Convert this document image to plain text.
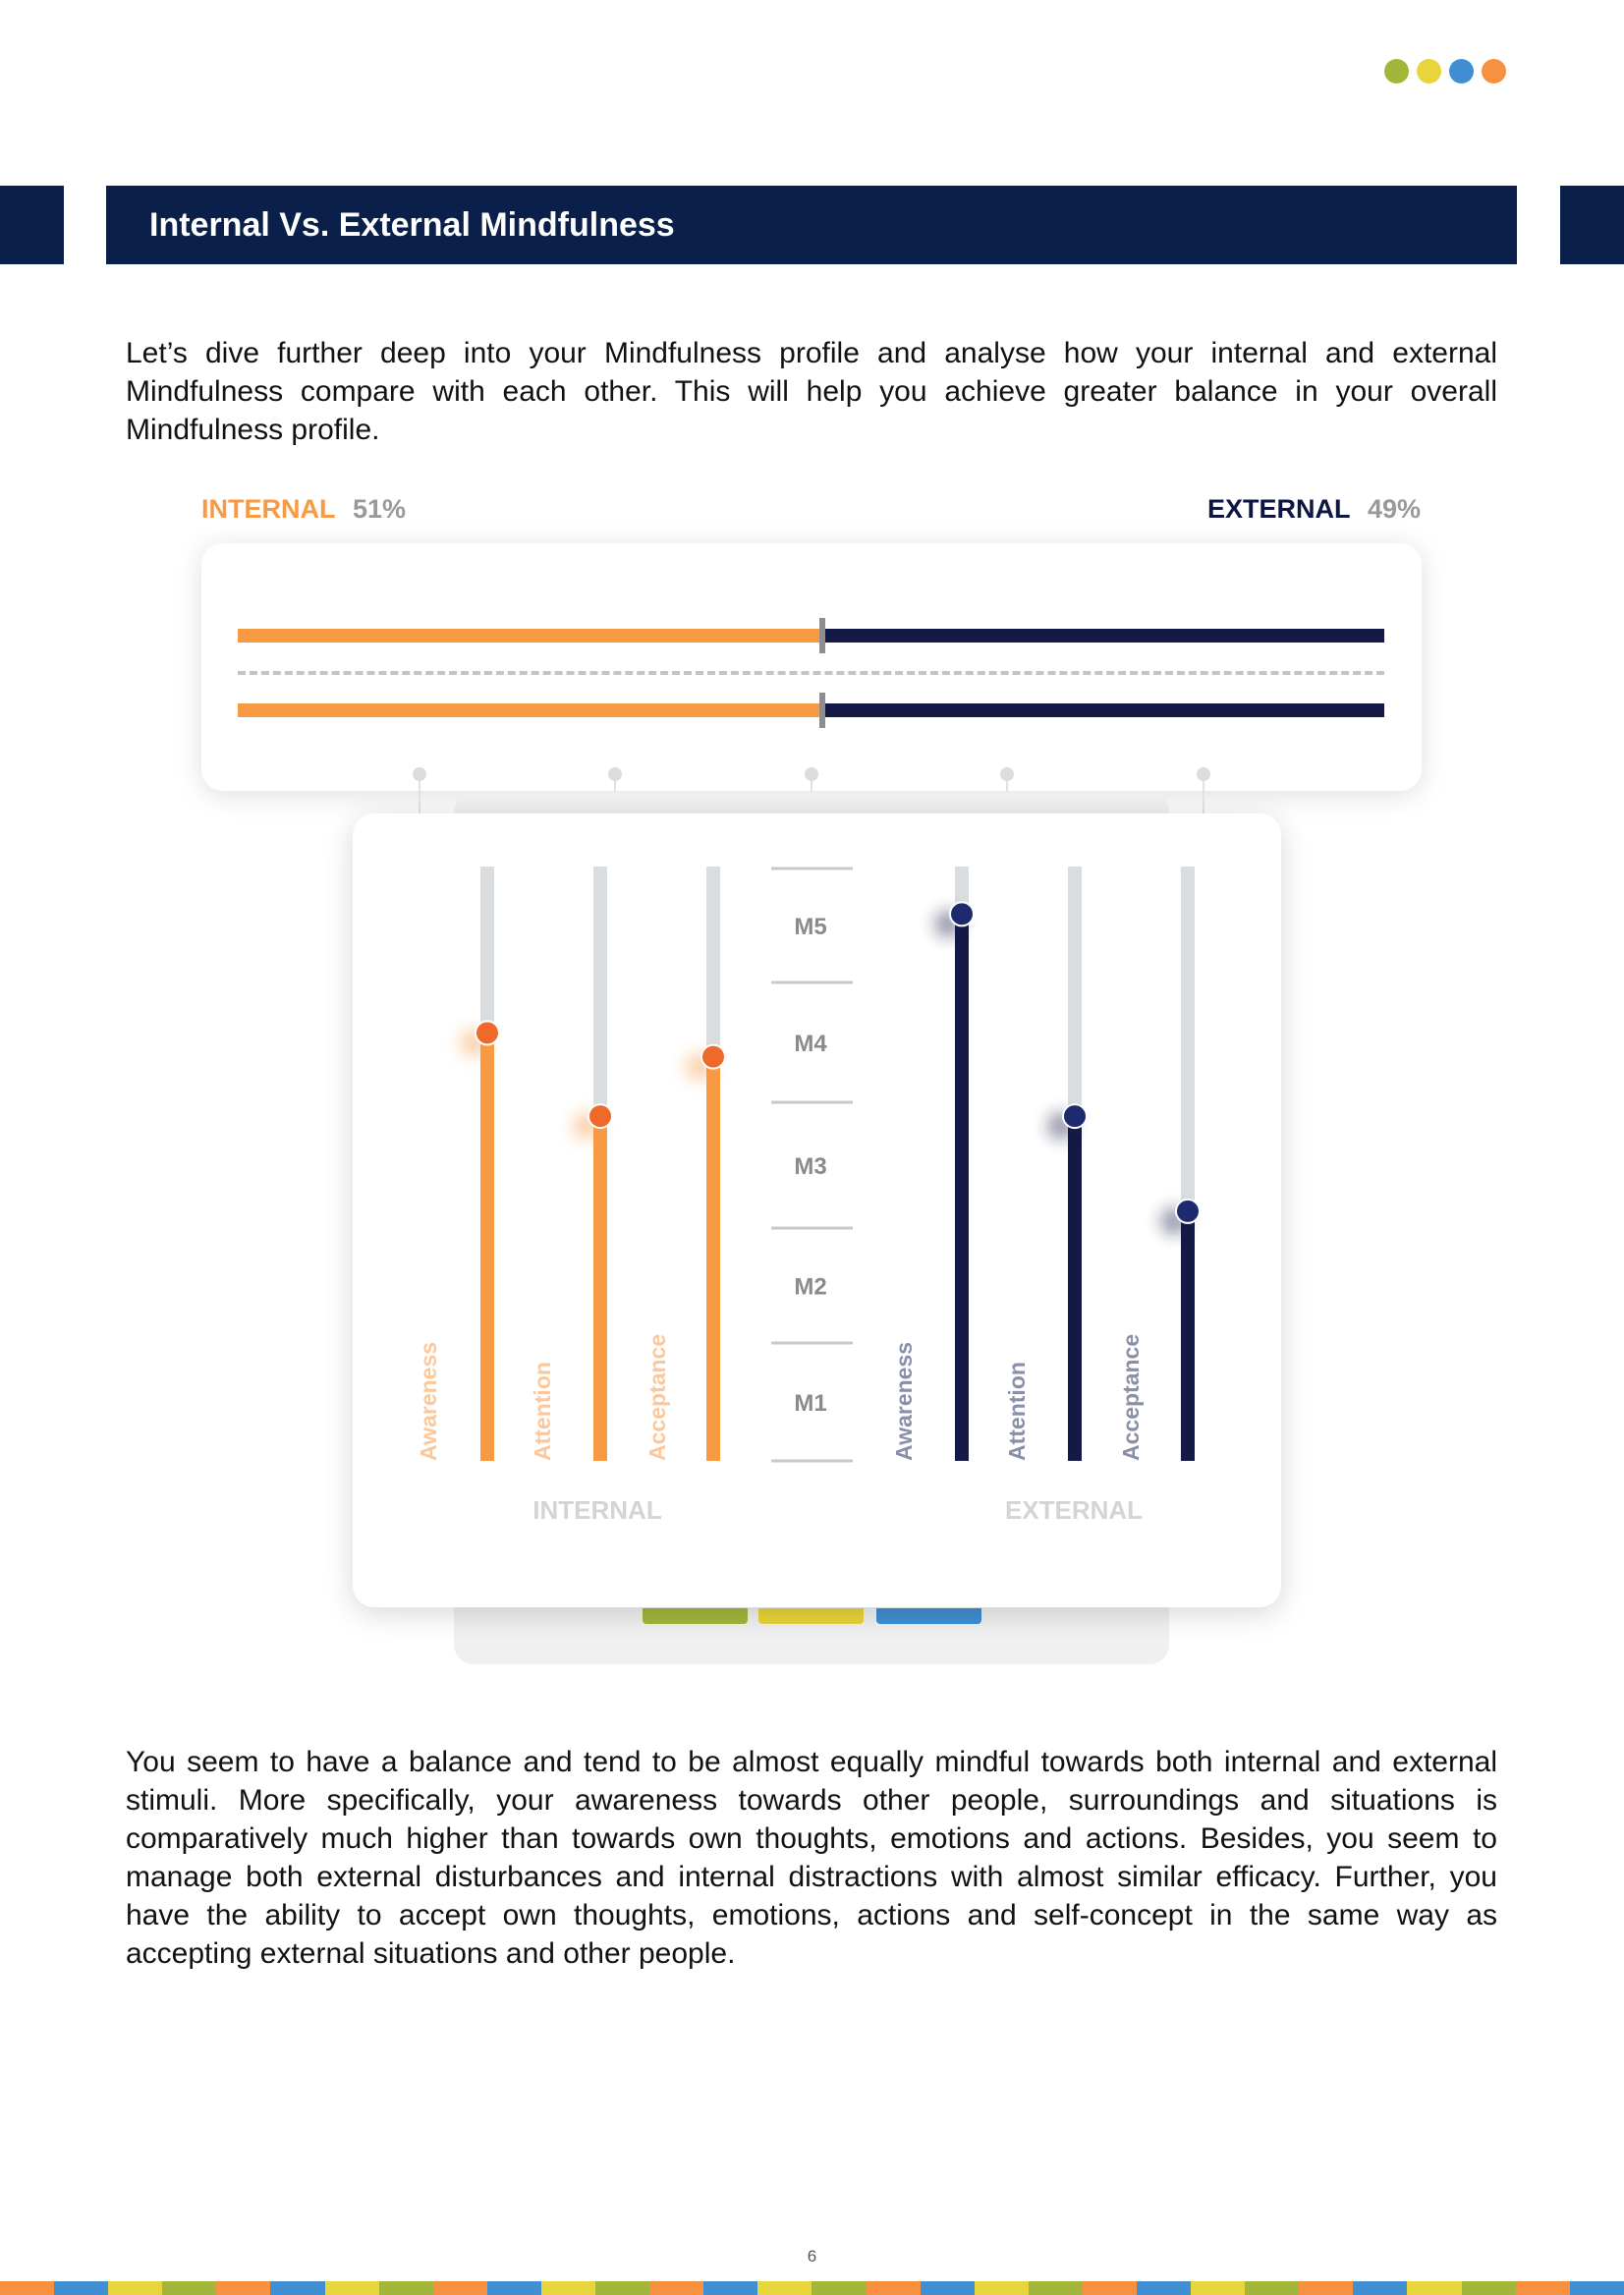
Internal Vs. External Mindfulness

Let’s dive further deep into your Mindfulness profile and analyse how your internal and external Mindfulness compare with each other. This will help you achieve greater balance in your overall Mindfulness profile.

INTERNAL 51%	EXTERNAL 49%
M1
M2
M3
M4
M5
Awareness	Attention	Acceptance
INTERNAL
Awareness	Attention	Acceptance
EXTERNAL

You seem to have a balance and tend to be almost equally mindful towards both internal and external stimuli. More specifically, your awareness towards other people, surroundings and situations is comparatively much higher than towards own thoughts, emotions and actions. Besides, you seem to manage both external disturbances and internal distractions with almost similar efficacy. Further, you have the ability to accept own thoughts, emotions, actions and self-concept in the same way as accepting external situations and other people.

6
